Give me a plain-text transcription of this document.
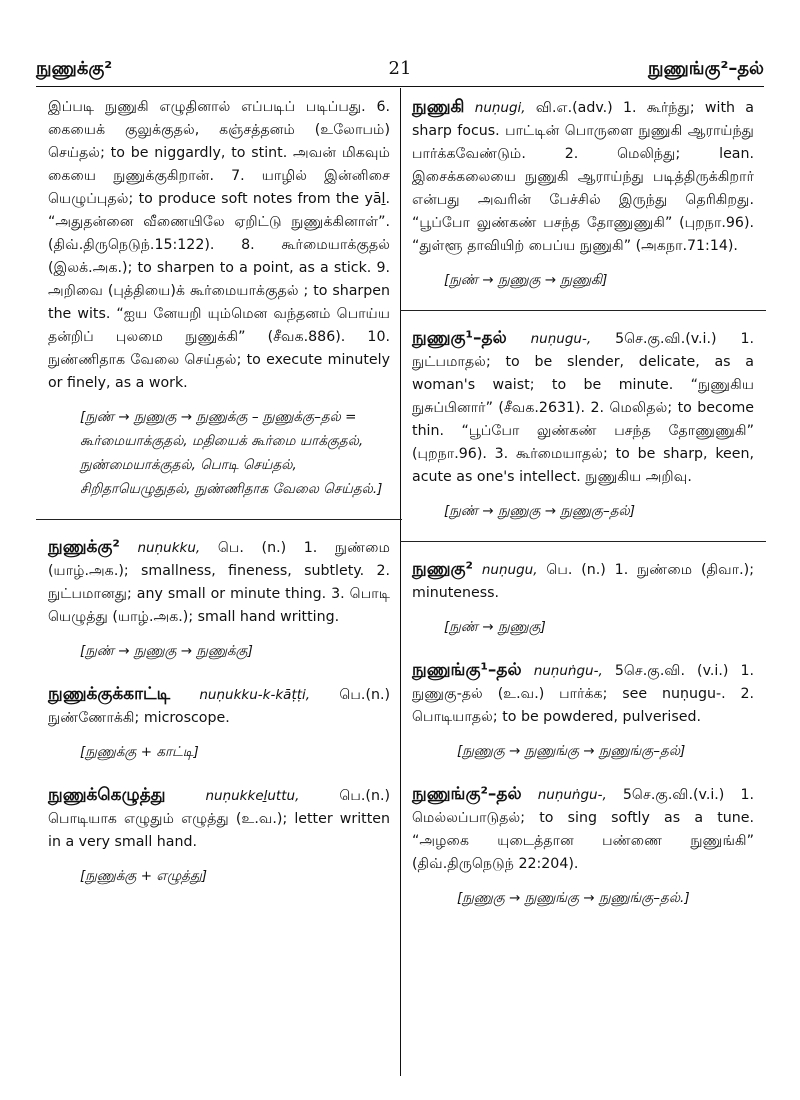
நுணுக்கு²	21	நுணுங்கு²–தல்

இப்படி நுணுகி எழுதினால் எப்படிப் படிப்பது. 6. கையைக் குலுக்குதல், கஞ்சத்தனம் (உலோபம்) செய்தல்; to be niggardly, to stint. அவன் மிகவும் கையை நுணுக்குகிறான். 7. யாழில் இன்னிசை யெழுப்புதல்; to produce soft notes from the yāḻ. “அதுதன்னை வீணையிலே ஏறிட்டு நுணுக்கினாள்”. (திவ்.திருநெடுந்.15:122). 8. கூர்மையாக்குதல் (இலக்.அக.); to sharpen to a point, as a stick. 9. அறிவை (புத்தியை)க் கூர்மையாக்குதல் ; to sharpen the wits. “ஐய னேயறி யும்மென வந்தனம் பொய்ய தன்றிப் புலமை நுணுக்கி” (சீவக.886). 10. நுண்ணிதாக வேலை செய்தல்; to execute minutely or finely, as a work.

[நுண் → நுணுகு → நுணுக்கு – நுணுக்கு–தல் = கூர்மையாக்குதல், மதியைக் கூர்மை யாக்குதல், நுண்மையாக்குதல், பொடி செய்தல், சிறிதாயெழுதுதல், நுண்ணிதாக வேலை செய்தல்.]

நுணுக்கு² nuṇukku, பெ. (n.) 1. நுண்மை (யாழ்.அக.); smallness, fineness, subtlety. 2. நுட்பமானது; any small or minute thing. 3. பொடி யெழுத்து (யாழ்.அக.); small hand writting.

[நுண் → நுணுகு → நுணுக்கு]

நுணுக்குக்காட்டி nuṇukku-k-kāṭṭi, பெ.(n.) நுண்ணோக்கி; microscope.

[நுணுக்கு + காட்டி]

நுணுக்கெழுத்து	nuṇukkeḻuttu,	பெ.(n.) பொடியாக எழுதும் எழுத்து (உ.வ.); letter written in a very small hand.

[நுணுக்கு + எழுத்து]

நுணுகி nuṇugi, வி.எ.(adv.) 1. கூர்ந்து; with a sharp focus. பாட்டின் பொருளை நுணுகி ஆராய்ந்து பார்க்கவேண்டும். 2. மெலிந்து; lean. இசைக்கலையை நுணுகி ஆராய்ந்து படித்திருக்கிறார் என்பது அவரின் பேச்சில் இருந்து தெரிகிறது. “பூப்போ லுண்கண் பசந்த தோணுணுகி” (புறநா.96). “துள்ளூ தாவியிற் பைப்ய நுணுகி” (அகநா.71:14).

[நுண் → நுணுகு → நுணுகி]

நுணுகு¹–தல் nuṇugu-, 5செ.கு.வி.(v.i.) 1. நுட்பமாதல்; to be slender, delicate, as a woman's waist; to be minute. “நுணுகிய நுசுப்பினார்” (சீவக.2631). 2. மெலிதல்; to become thin. “பூப்போ லுண்கண் பசந்த தோணுணுகி” (புறநா.96). 3. கூர்மையாதல்; to be sharp, keen, acute as one's intellect. நுணுகிய அறிவு.

[நுண் → நுணுகு → நுணுகு–தல்]

நுணுகு² nuṇugu, பெ. (n.) 1. நுண்மை (திவா.); minuteness.

[நுண் → நுணுகு]

நுணுங்கு¹–தல் nuṇuṅgu-, 5செ.கு.வி. (v.i.) 1. நுணுகு-தல் (உ.வ.) பார்க்க; see nuṇugu-. 2. பொடியாதல்; to be powdered, pulverised.

[நுணுகு → நுணுங்கு → நுணுங்கு–தல்]

நுணுங்கு²–தல் nuṇuṅgu-, 5செ.கு.வி.(v.i.) 1. மெல்லப்பாடுதல்; to sing softly as a tune. “அழகை யுடைத்தான பண்ணை நுணுங்கி” (திவ்.திருநெடுந் 22:204).

[நுணுகு → நுணுங்கு → நுணுங்கு–தல்.]
